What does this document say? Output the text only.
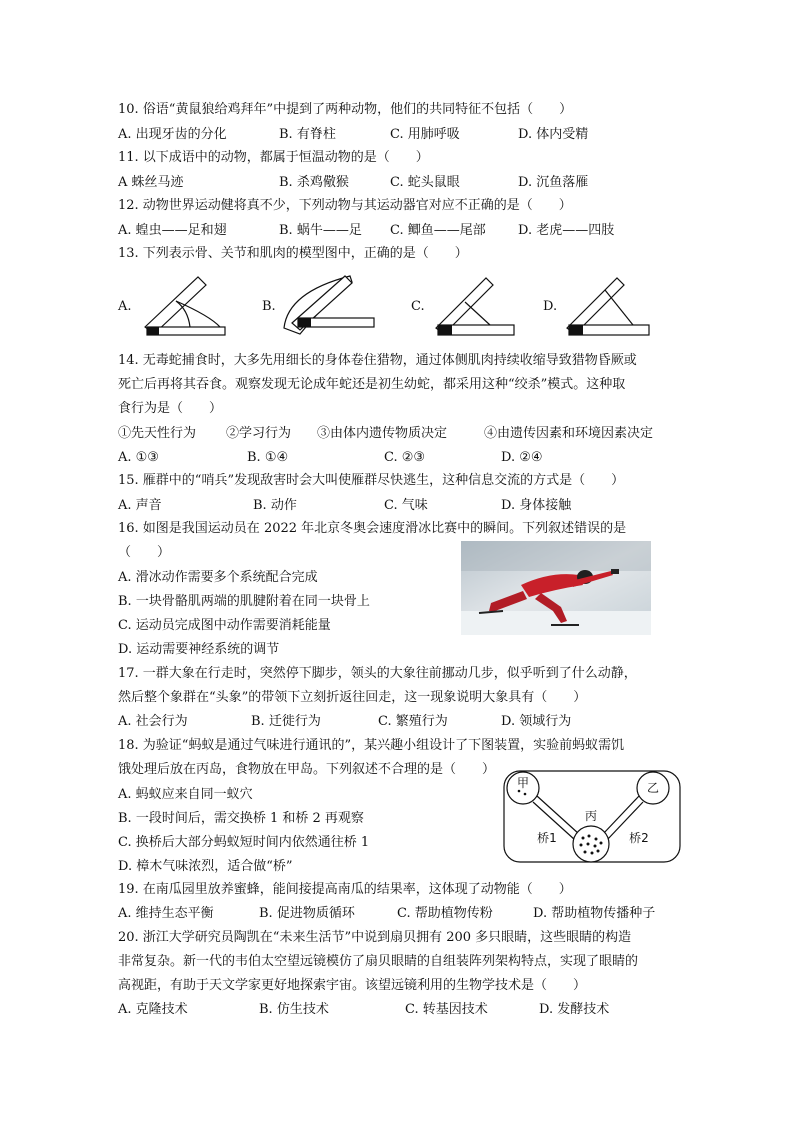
10. 俗语“黄鼠狼给鸡拜年”中提到了两种动物，他们的共同特征不包括（　　）
A. 出现牙齿的分化	B. 有脊柱	C. 用肺呼吸	D. 体内受精
11. 以下成语中的动物，都属于恒温动物的是（　　）
A 蛛丝马迹	B. 杀鸡儆猴	C. 蛇头鼠眼	D. 沉鱼落雁
12. 动物世界运动健将真不少，下列动物与其运动器官对应不正确的是（　　）
A. 蝗虫——足和翅	B. 蜗牛——足 C. 鲫鱼——尾部 D. 老虎——四肢
13. 下列表示骨、关节和肌肉的模型图中，正确的是（　　）
A.	B.	C.	D.
14. 无毒蛇捕食时，大多先用细长的身体卷住猎物，通过体侧肌肉持续收缩导致猎物昏厥或
死亡后再将其吞食。观察发现无论成年蛇还是初生幼蛇，都采用这种“绞杀”模式。这种取
食行为是（　　）
①先天性行为 ②学习行为 ③由体内遗传物质决定	④由遗传因素和环境因素决定
A. ①③	B. ①④	C. ②③	D. ②④
15. 雁群中的“哨兵”发现敌害时会大叫使雁群尽快逃生，这种信息交流的方式是（　　）
A. 声音	B. 动作	C. 气味	D. 身体接触
16. 如图是我国运动员在 2022 年北京冬奥会速度滑冰比赛中的瞬间。下列叙述错误的是
（　　）
A. 滑冰动作需要多个系统配合完成
B. 一块骨骼肌两端的肌腱附着在同一块骨上
C. 运动员完成图中动作需要消耗能量
D. 运动需要神经系统的调节
17. 一群大象在行走时，突然停下脚步，领头的大象往前挪动几步，似乎听到了什么动静，
然后整个象群在“头象”的带领下立刻折返往回走，这一现象说明大象具有（　　）
A. 社会行为	B. 迁徙行为	C. 繁殖行为	D. 领域行为
18. 为验证“蚂蚁是通过气味进行通讯的”，某兴趣小组设计了下图装置，实验前蚂蚁需饥
饿处理后放在丙岛，食物放在甲岛。下列叙述不合理的是（　　）
A. 蚂蚁应来自同一蚁穴
B. 一段时间后，需交换桥 1 和桥 2 再观察
C. 换桥后大部分蚂蚁短时间内依然通往桥 1
D. 樟木气味浓烈，适合做“桥”
甲	乙
丙
桥1	桥2
19. 在南瓜园里放养蜜蜂，能间接提高南瓜的结果率，这体现了动物能（　　）
A. 维持生态平衡	B. 促进物质循环	C. 帮助植物传粉	D. 帮助植物传播种子
20. 浙江大学研究员陶凯在“未来生活节”中说到扇贝拥有 200 多只眼睛，这些眼睛的构造
非常复杂。新一代的韦伯太空望远镜模仿了扇贝眼睛的自组装阵列架构特点，实现了眼睛的
高视距，有助于天文学家更好地探索宇宙。该望远镜利用的生物学技术是（　　）
A. 克隆技术	B. 仿生技术	C. 转基因技术	D. 发酵技术
